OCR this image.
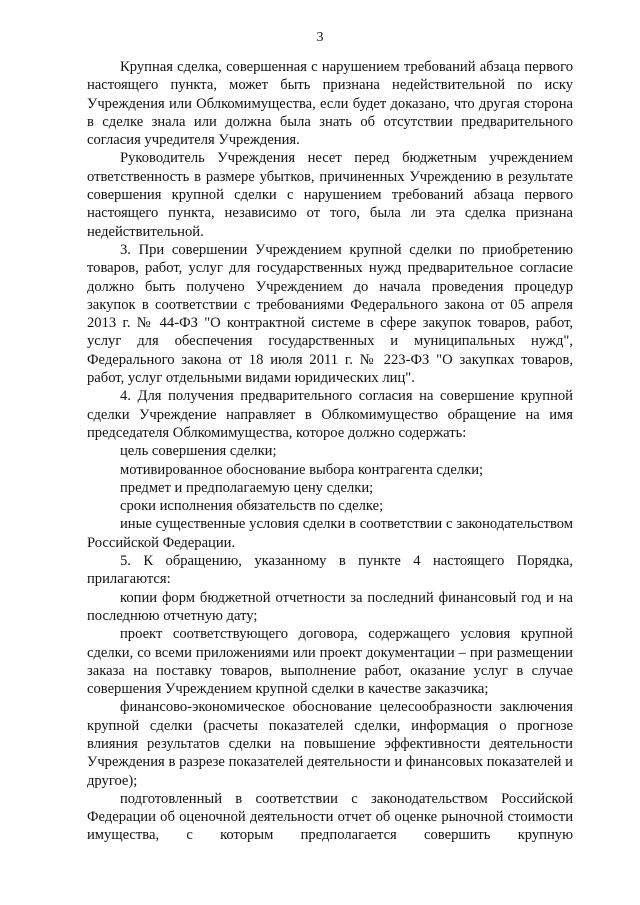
3

Крупная сделка, совершенная с нарушением требований абзаца первого настоящего пункта, может быть признана недействительной по иску Учреждения или Облкомимущества, если будет доказано, что другая сторона в сделке знала или должна была знать об отсутствии предварительного согласия учредителя Учреждения.

Руководитель Учреждения несет перед бюджетным учреждением ответственность в размере убытков, причиненных Учреждению в результате совершения крупной сделки с нарушением требований абзаца первого настоящего пункта, независимо от того, была ли эта сделка признана недействительной.

3. При совершении Учреждением крупной сделки по приобретению товаров, работ, услуг для государственных нужд предварительное согласие должно быть получено Учреждением до начала проведения процедур закупок в соответствии с требованиями Федерального закона от 05 апреля 2013 г. № 44-ФЗ "О контрактной системе в сфере закупок товаров, работ, услуг для обеспечения государственных и муниципальных нужд", Федерального закона от 18 июля 2011 г. № 223-ФЗ "О закупках товаров, работ, услуг отдельными видами юридических лиц".

4. Для получения предварительного согласия на совершение крупной сделки Учреждение направляет в Облкомимущество обращение на имя председателя Облкомимущества, которое должно содержать:

цель совершения сделки;

мотивированное обоснование выбора контрагента сделки;

предмет и предполагаемую цену сделки;

сроки исполнения обязательств по сделке;

иные существенные условия сделки в соответствии с законодательством Российской Федерации.

5. К обращению, указанному в пункте 4 настоящего Порядка, прилагаются:

копии форм бюджетной отчетности за последний финансовый год и на последнюю отчетную дату;

проект соответствующего договора, содержащего условия крупной сделки, со всеми приложениями или проект документации – при размещении заказа на поставку товаров, выполнение работ, оказание услуг в случае совершения Учреждением крупной сделки в качестве заказчика;

финансово-экономическое обоснование целесообразности заключения крупной сделки (расчеты показателей сделки, информация о прогнозе влияния результатов сделки на повышение эффективности деятельности Учреждения в разрезе показателей деятельности и финансовых показателей и другое);

подготовленный в соответствии с законодательством Российской Федерации об оценочной деятельности отчет об оценке рыночной стоимости имущества, с которым предполагается совершить крупную
